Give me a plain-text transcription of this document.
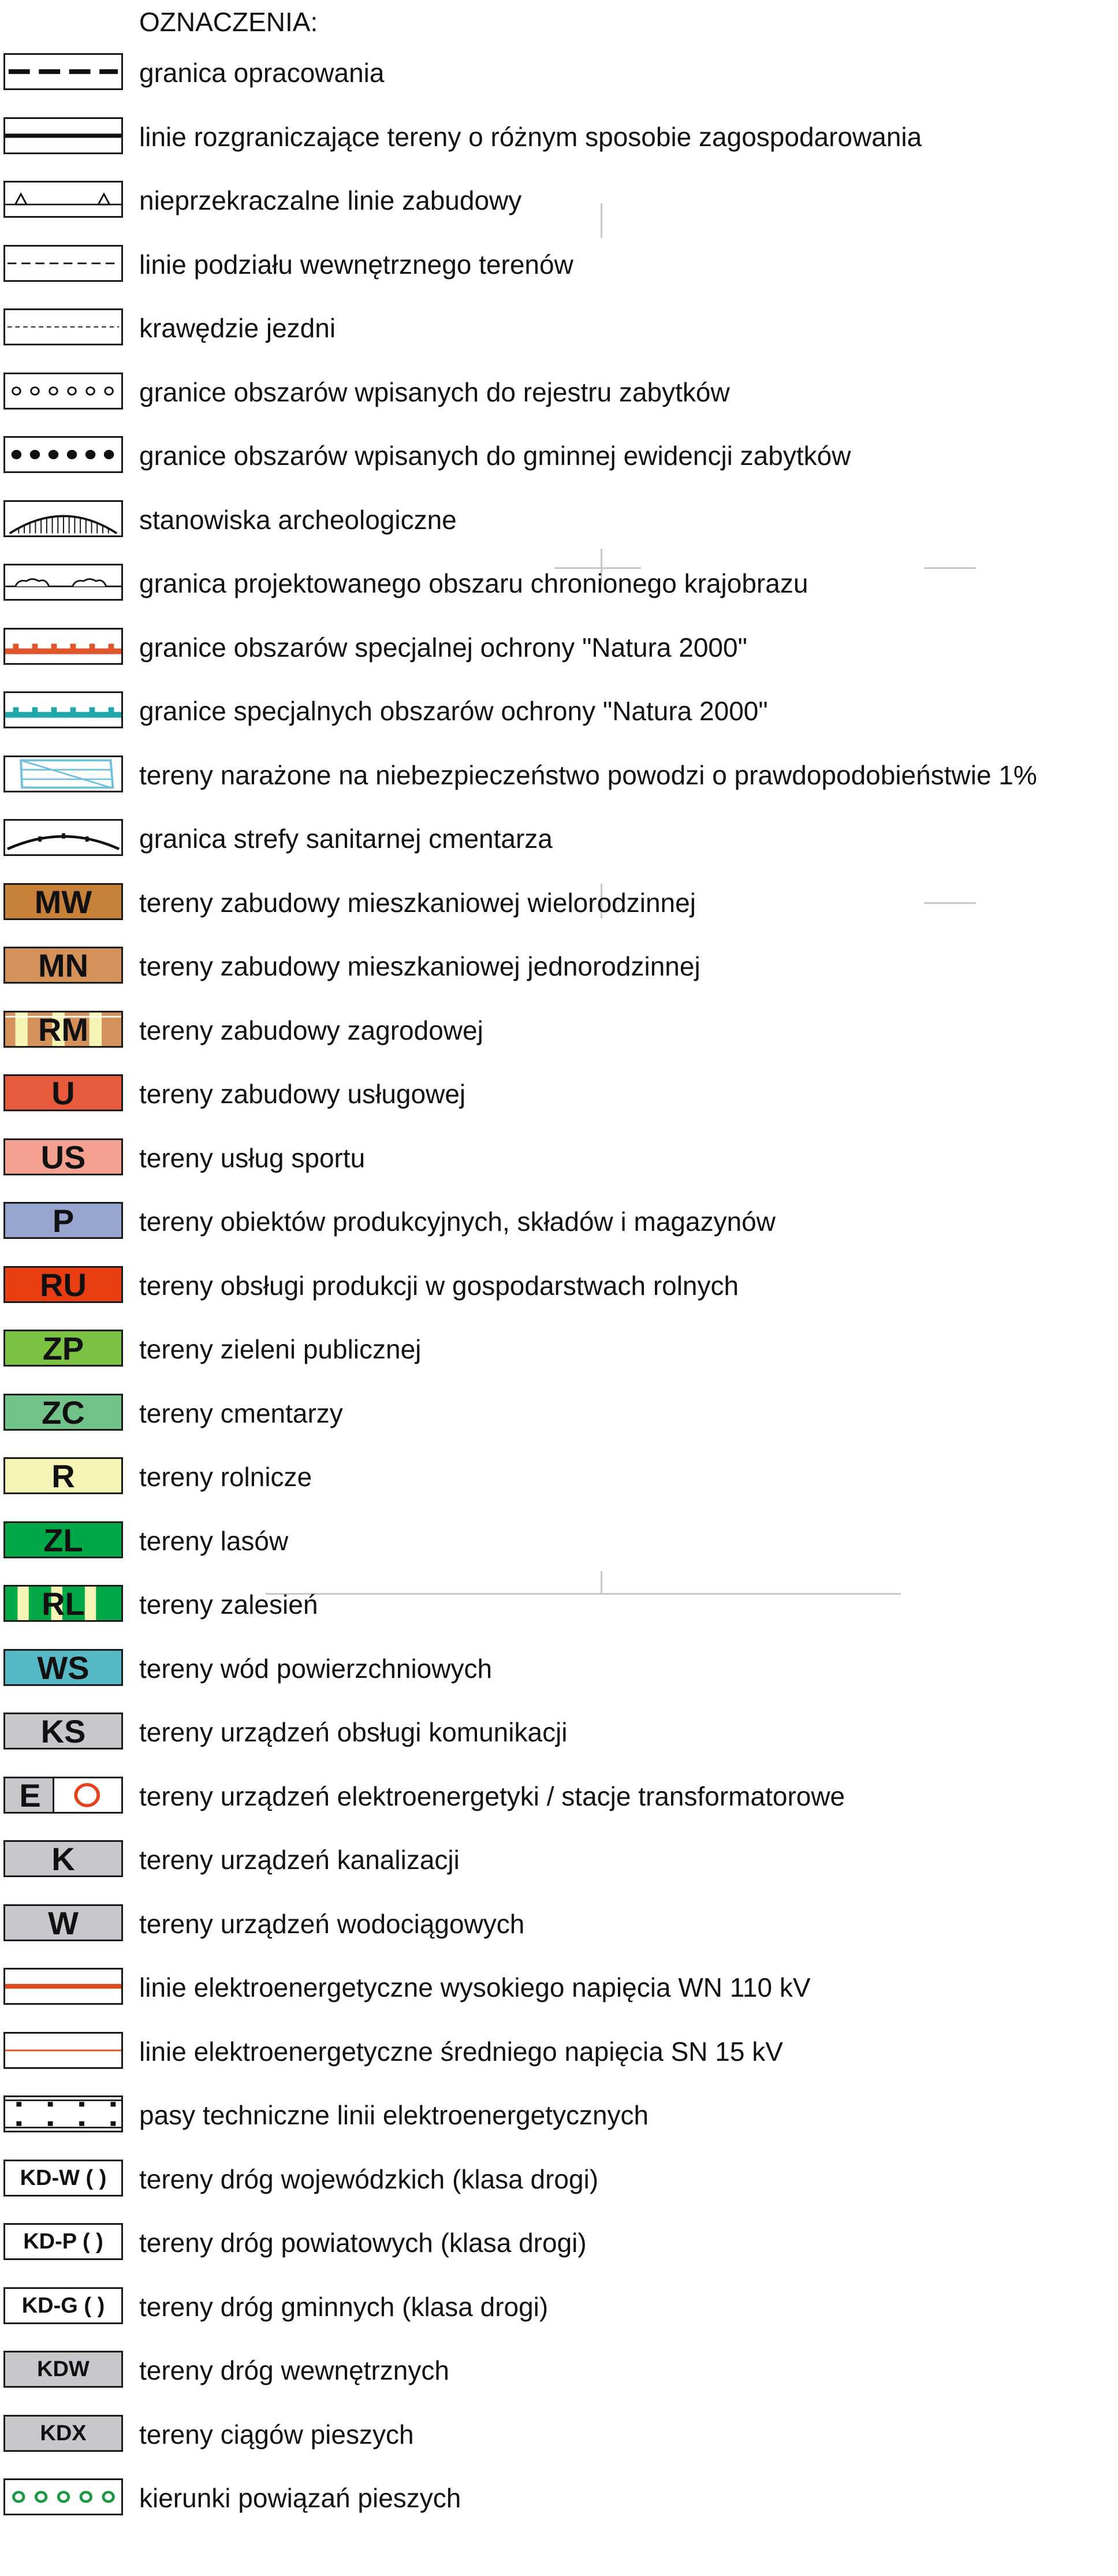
OZNACZENIA:
granica opracowania
linie rozgraniczające tereny o różnym sposobie zagospodarowania
nieprzekraczalne linie zabudowy
linie podziału wewnętrznego terenów
krawędzie jezdni
granice obszarów wpisanych do rejestru zabytków
granice obszarów wpisanych do gminnej ewidencji zabytków
stanowiska archeologiczne
granica projektowanego obszaru chronionego krajobrazu
granice obszarów specjalnej ochrony "Natura 2000"
granice specjalnych obszarów ochrony "Natura 2000"
tereny narażone na niebezpieczeństwo powodzi o prawdopodobieństwie 1%
granica strefy sanitarnej cmentarza
MW	tereny zabudowy mieszkaniowej wielorodzinnej
MN	tereny zabudowy mieszkaniowej jednorodzinnej
RM	tereny zabudowy zagrodowej
U	tereny zabudowy usługowej
US	tereny usług sportu
P	tereny obiektów produkcyjnych, składów i magazynów
RU	tereny obsługi produkcji w gospodarstwach rolnych
ZP	tereny zieleni publicznej
ZC	tereny cmentarzy
R	tereny rolnicze
ZL	tereny lasów
RL	tereny zalesień
WS	tereny wód powierzchniowych
KS	tereny urządzeń obsługi komunikacji
E	tereny urządzeń elektroenergetyki / stacje transformatorowe
K	tereny urządzeń kanalizacji
W	tereny urządzeń wodociągowych
linie elektroenergetyczne wysokiego napięcia WN 110 kV
linie elektroenergetyczne średniego napięcia SN 15 kV
pasy techniczne linii elektroenergetycznych
KD-W ( )	tereny dróg wojewódzkich (klasa drogi)
KD-P ( )	tereny dróg powiatowych (klasa drogi)
KD-G ( )	tereny dróg gminnych (klasa drogi)
KDW	tereny dróg wewnętrznych
KDX	tereny ciągów pieszych
kierunki powiązań pieszych
